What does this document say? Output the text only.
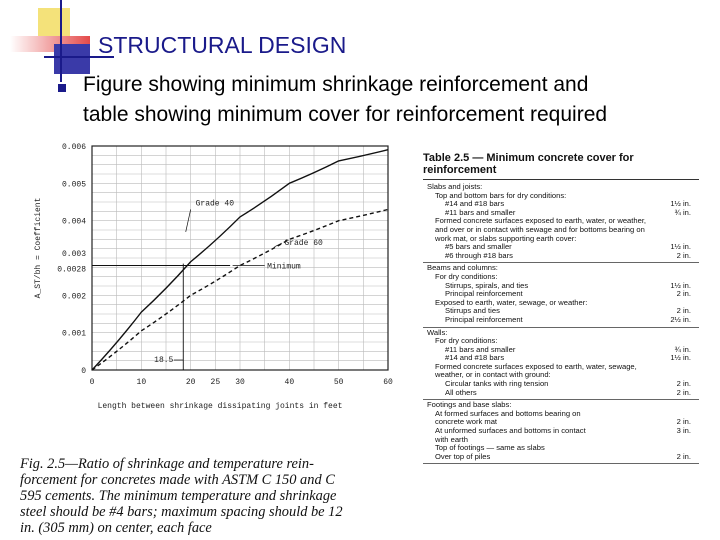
STRUCTURAL DESIGN
Figure showing minimum shrinkage reinforcement and
table showing minimum cover for reinforcement required
0	10	20 25 30	40	50	60
0
0.001
0.002
0.0028
0.003
0.004
0.005
0.006
Length between shrinkage dissipating joints in feet
A_ST/bh = Coefficient	Minimum
Grade 40
Grade 60
18.5
Fig. 2.5—Ratio of shrinkage and temperature rein-
forcement for concretes made with ASTM C 150 and C
595 cements. The minimum temperature and shrinkage
steel should be #4 bars; maximum spacing should be 12
in. (305 mm) on center, each face
Table 2.5 — Minimum concrete cover for
reinforcement
Slabs and joists:
Top and bottom bars for dry conditions:
#14 and #18 bars	1½ in.
#11 bars and smaller	¾ in.
Formed concrete surfaces exposed to earth, water, or weather,
and over or in contact with sewage and for bottoms bearing on
work mat, or slabs supporting earth cover:
#5 bars and smaller	1½ in.
#6 through #18 bars	2 in.
Beams and columns:
For dry conditions:
Stirrups, spirals, and ties	1½ in.
Principal reinforcement	2 in.
Exposed to earth, water, sewage, or weather:
Stirrups and ties	2 in.
Principal reinforcement	2½ in.
Walls:
For dry conditions:
#11 bars and smaller	¾ in.
#14 and #18 bars	1½ in.
Formed concrete surfaces exposed to earth, water, sewage,
weather, or in contact with ground:
Circular tanks with ring tension	2 in.
All others	2 in.
Footings and base slabs:
At formed surfaces and bottoms bearing on
concrete work mat	2 in.
At unformed surfaces and bottoms in contact	3 in.
with earth
Top of footings — same as slabs
Over top of piles	2 in.
